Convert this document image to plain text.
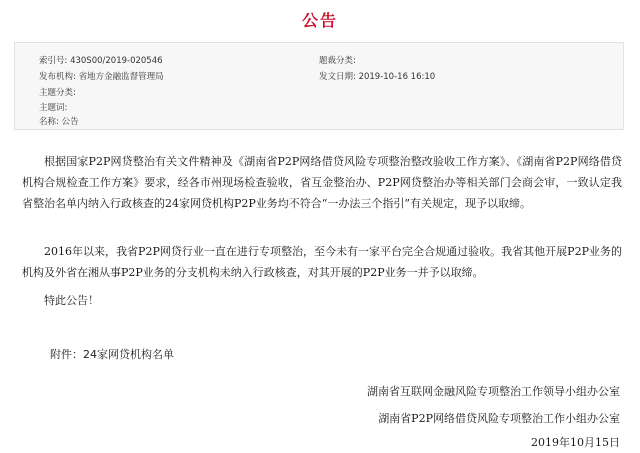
公告
索引号: 430S00/2019-020546	题裁分类:
发布机构: 省地方金融监督管理局	发文日期: 2019-10-16 16:10
主题分类:
主题词:
名称: 公告

根据国家P2P网贷整治有关文件精神及《湖南省P2P网络借贷风险专项整治整改验收工作方案》、《湖南省P2P网络借贷机构合规检查工作方案》要求，经各市州现场检查验收，省互金整治办、P2P网贷整治办等相关部门会商会审，一致认定我省整治名单内纳入行政核查的24家网贷机构P2P业务均不符合“一办法三个指引”有关规定，现予以取缔。

2016年以来，我省P2P网贷行业一直在进行专项整治，至今未有一家平台完全合规通过验收。我省其他开展P2P业务的机构及外省在湘从事P2P业务的分支机构未纳入行政核查，对其开展的P2P业务一并予以取缔。

特此公告！

附件：24家网贷机构名单
湖南省互联网金融风险专项整治工作领导小组办公室
湖南省P2P网络借贷风险专项整治工作小组办公室
2019年10月15日
